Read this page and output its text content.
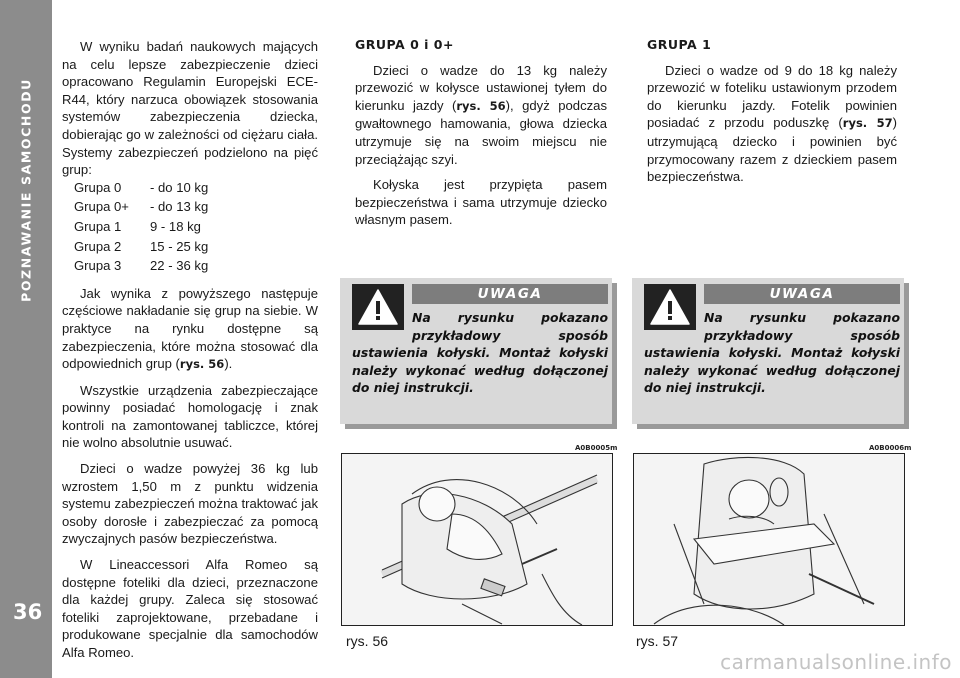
POZNAWANIE SAMOCHODU
36

W wyniku badań naukowych mających na celu lepsze zabezpieczenie dzieci opracowano Regulamin Europejski ECE-R44, który narzuca obowiązek stosowania systemów zabezpieczenia dziecka, dobierając go w zależności od ciężaru ciała. Systemy zabezpieczeń podzielono na pięć grup:

Grupa 0	- do 10 kg
Grupa 0+	- do 13 kg
Grupa 1	9 - 18 kg
Grupa 2	15 - 25 kg
Grupa 3	22 - 36 kg

Jak wynika z powyższego następuje częściowe nakładanie się grup na siebie. W praktyce na rynku dostępne są zabezpieczenia, które można stosować dla odpowiednich grup (rys. 56).

Wszystkie urządzenia zabezpieczające powinny posiadać homologację i znak kontroli na zamontowanej tabliczce, której nie wolno absolutnie usuwać.

Dzieci o wadze powyżej 36 kg lub wzrostem 1,50 m z punktu widzenia systemu zabezpieczeń można traktować jak osoby dorosłe i zabezpieczać za pomocą zwyczajnych pasów bezpieczeństwa.

W Lineaccessori Alfa Romeo są dostępne foteliki dla dzieci, przeznaczone dla każdej grupy. Zaleca się stosować foteliki zaprojektowane, przebadane i produkowane specjalnie dla samochodów Alfa Romeo.

GRUPA 0 i 0+

Dzieci o wadze do 13 kg należy przewozić w kołysce ustawionej tyłem do kierunku jazdy (rys. 56), gdyż podczas gwałtownego hamowania, głowa dziecka utrzymuje się na swoim miejscu nie przeciążając szyi.

Kołyska jest przypięta pasem bezpieczeństwa i sama utrzymuje dziecko własnym pasem.

GRUPA 1

Dzieci o wadze od 9 do 18 kg należy przewozić w foteliku ustawionym przodem do kierunku jazdy. Fotelik powinien posiadać z przodu poduszkę (rys. 57) utrzymującą dziecko i powinien być przymocowany razem z dzieckiem pasem bezpieczeństwa.

UWAGA
Na rysunku pokazano przykładowy sposób ustawienia kołyski. Montaż kołyski należy wykonać według dołączonej do niej instrukcji.
UWAGA
Na rysunku pokazano przykładowy sposób ustawienia kołyski. Montaż kołyski należy wykonać według dołączonej do niej instrukcji.
A0B0005m
rys. 56
A0B0006m
rys. 57
carmanualsonline.info
